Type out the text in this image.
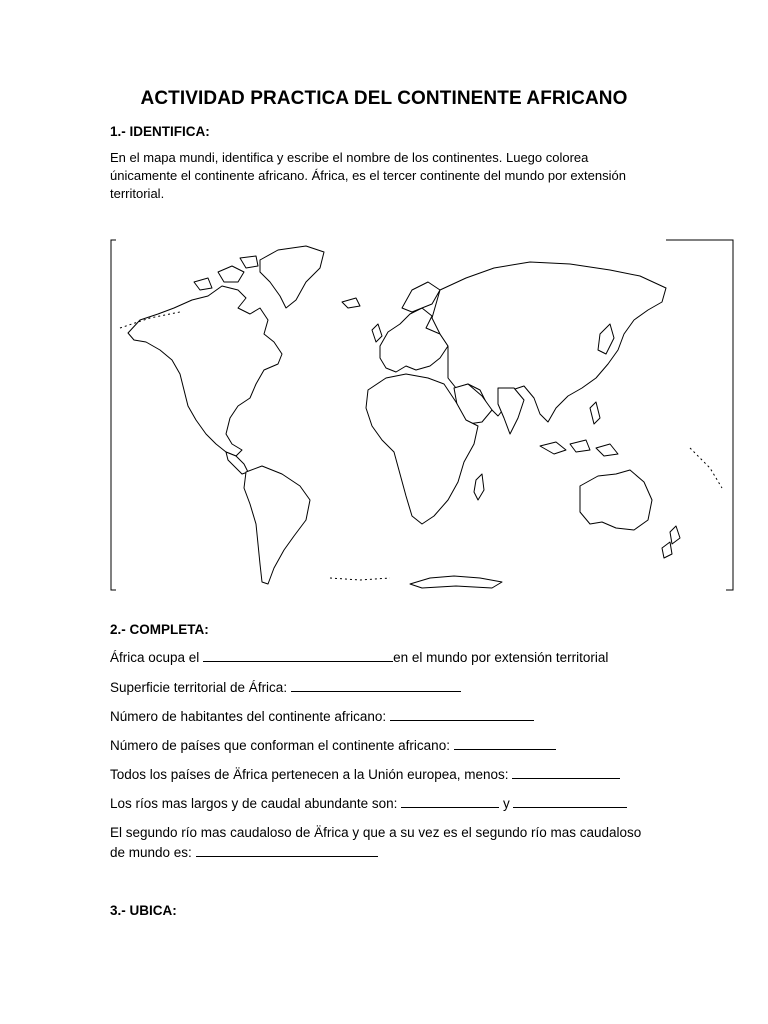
ACTIVIDAD PRACTICA DEL CONTINENTE AFRICANO
1.- IDENTIFICA:
En el mapa mundi, identifica y escribe el nombre de los continentes. Luego colorea
únicamente el continente africano. África, es el tercer continente del mundo por extensión
territorial.
2.- COMPLETA:
África ocupa el	en el mundo por extensión territorial
Superficie territorial de África:
Número de habitantes del continente africano:
Número de países que conforman el continente africano:
Todos los países de Äfrica pertenecen a la Unión europea, menos:
Los ríos mas largos y de caudal abundante son:	y
El segundo río mas caudaloso de Äfrica y que a su vez es el segundo río mas caudaloso
de mundo es:
3.- UBICA:
